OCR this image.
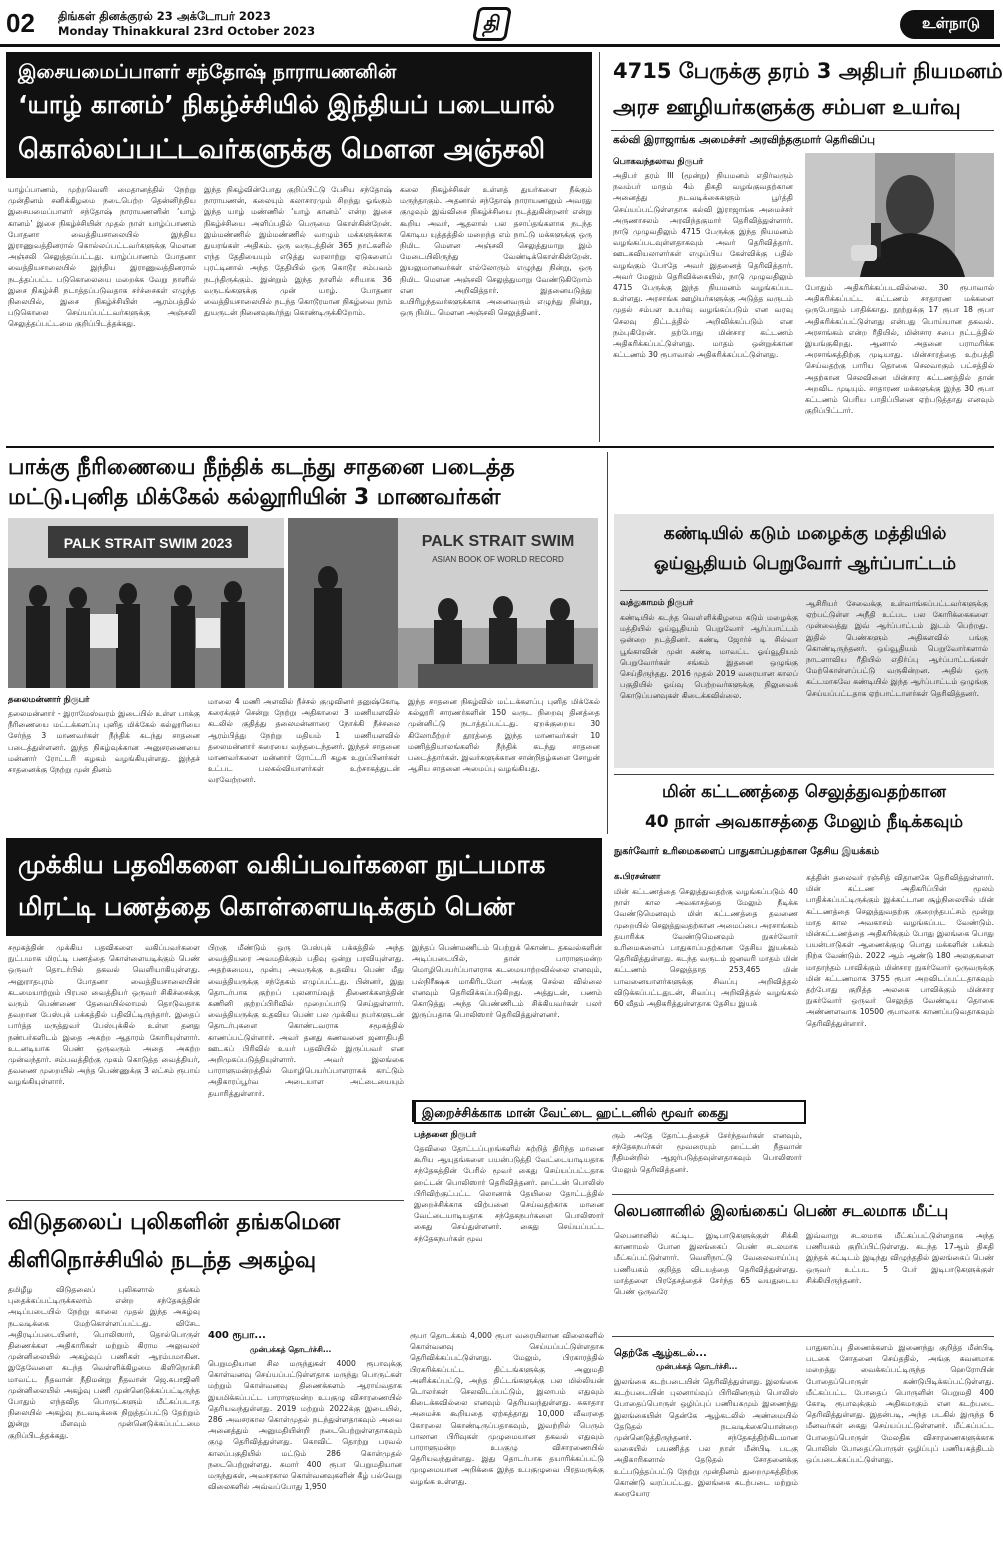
02 திங்கள் தினக்குரல் 23 அக்டோபர் 2023
Monday Thinakkural 23rd October 2023	தி	உள்நாடு
இசையமைப்பாளர் சந்தோஷ் நாராயணனின்
‘யாழ் கானம்’ நிகழ்ச்சியில் இந்தியப் படையால்
கொல்லப்பட்டவர்களுக்கு மௌன அஞ்சலி
யாழ்ப்பாணம், முற்றவெளி மைதானத்தில் நேற்று முன்தினம் சனிக்கிழமை நடைபெற்ற தென்னிந்திய இசையமைப்பாளர் சந்தோஷ் நாராயணனின் ‘யாழ் கானம்’ இசை நிகழ்ச்சியின் முதல் நாள் யாழ்ப்பாணம் போதனா வைத்தியசாலையில் இந்திய இராணுவத்தினரால் கொல்லப்பட்டவர்களுக்கு மௌன அஞ்சலி செலுத்தப்பட்டது. யாழ்ப்பாணம் போதனா வைத்தியசாலையில் இந்திய இராணுவத்தினரால் நடத்தப்பட்ட படுகொலையை மறைக்க வேறு நாளில் இசை நிகழ்ச்சி நடாத்தப்படுவதாக சர்ச்சைகள் எழுந்த நிலையில், இசை நிகழ்ச்சியின் ஆரம்பத்தில் படுகொலை செய்யப்பட்டவர்களுக்கு அஞ்சலி செலுத்தப்பட்டமை குறிப்பிடத்தக்கது.
இந்த நிகழ்வின்போது குறிப்பிட்டு பேசிய சந்தோஷ் நாராயணன், கலையும் கலாசாரமும் சிறந்து ஓங்கும் இந்த யாழ் மண்ணில் ‘யாழ் கானம்’ என்ற இசை நிகழ்ச்சியை அளிப்பதில் பெருமை கொள்கின்றேன். இம்மண்ணில் இம்மண்ணில் வாழும் மக்களுக்காக துயரங்கள் அதிகம். ஒரு வருடத்தின் 365 நாட்களில் எந்த தேதியையும் எடுத்து வரலாற்று ஏடுகளைப் புரட்டினால் அந்த தேதியில் ஒரு கொடூர சம்பவம் நடந்திருக்கும். இன்றும் இந்த நாளில் சரியாக 36 வருடங்களுக்கு முன் யாழ். போதனா வைத்தியசாலையில் நடந்த கொடூரமான நிகழ்வை நாம் துயருடன் நினைவுகூர்ந்து கொண்டிருக்கிறோம்.
கலை நிகழ்ச்சிகள் உள்ளத் துயர்களை நீக்கும் மருந்தாகும். அதனால் சந்தோஷ் நாராயணனும் அவரது குழுவும் இவ்விசை நிகழ்ச்சியை நடத்துகின்றனர் என்று கூறிய அவர், ஆதலால் பல தசாப்தங்களாக நடந்த கொடிய யுத்தத்தில் மறைந்த எம் நாட்டு மக்களுக்கு ஒரு நிமிட மௌன அஞ்சலி செலுத்துமாறு இம் மேடையிலிருந்து வேண்டிக்கொள்கின்றேன். இயலுமானவர்கள் எல்லோரும் எழுந்து நின்று, ஒரு நிமிட மௌன அஞ்சலி செலுத்துமாறு வேண்டுகிறோம் என அறிவித்தார். இதனையடுத்து உயிரிழந்தவர்களுக்காக அனைவரும் எழுந்து நின்று, ஒரு நிமிட மௌன அஞ்சலி செலுத்தினர்.
4715 பேருக்கு தரம் 3 அதிபர் நியமனம்
அரச ஊழியர்களுக்கு சம்பள உயர்வு
கல்வி இராஜாங்க அமைச்சர் அரவிந்தகுமார் தெரிவிப்பு
பொகவந்தலாவ நிருபர்
அதிபர் தரம் III (மூன்று) நியமனம் எதிர்வரும் நவம்பர் மாதம் 4ம் திகதி வழங்குவதற்கான அனைத்து நடவடிக்கைகளும் பூர்த்தி செய்யப்பட்டுள்ளதாக கல்வி இராஜாங்க அமைச்சர் அருணாசலம் அரவிந்தகுமார் தெரிவித்துள்ளார். நாடு முழுவதிலும் 4715 பேருக்கு இந்த நியமனம் வழங்கப்படவுள்ளதாகவும் அவர் தெரிவித்தார். ஊடகவியலாளர்கள் எழுப்பிய கேள்விக்கு பதில் வழங்கும் போதே அவர் இதனைத் தெரிவித்தார். அவர் மேலும் தெரிவிக்கையில், நாடு முழுவதிலும் 4715 பேருக்கு இந்த நியமனம் வழங்கப்பட உள்ளது. அரசாங்க ஊழியர்களுக்கு அடுத்த வருடம் முதல் சம்பள உயர்வு வழங்கப்படும் என வரவு செலவு திட்டத்தில் அறிவிக்கப்படும் என நம்புகிறேன். தற்போது மின்சார கட்டணம் அதிகரிக்கப்பட்டுள்ளது. மாதம் ஒன்றுக்கான கட்டணம் 30 ரூபாவால் அதிகரிக்கப்பட்டுள்ளது.
போதும் அதிகரிக்கப்படவில்லை. 30 ரூபாவால் அதிகரிக்கப்பட்ட கட்டணம் சாதாரண மக்களை ஒருபோதும் பாதிக்காது. நூற்றுக்கு 17 ரூபா 18 ரூபா அதிகரிக்கப்பட்டுள்ளது என்பது பொய்யான தகவல். அரசாங்கம் என்ற ரீதியில், மின்சார சபை நட்டத்தில் இயங்குகிறது. ஆனால் அதனை பராமரிக்க அரசாங்கத்திற்கு முடியாது. மின்சாரத்தை உற்பத்தி செய்வதற்கு பாரிய தொகை செலவாகும் பட்சத்தில் அதற்கான செலவினை மின்சார கட்டணத்தில் தான் அறவிட முடியும். சாதாரண மக்களுக்கு இந்த 30 ரூபா கட்டணம் பெரிய பாதிப்பினை ஏற்படுத்தாது எனவும் குறிப்பிட்டார்.
பாக்கு நீரிணையை நீந்திக் கடந்து சாதனை படைத்த
மட்டு.புனித மிக்கேல் கல்லூரியின் 3 மாணவர்கள்
PALK STRAIT SWIM 2023	PALK STRAIT SWIM
ASIAN BOOK OF WORLD RECORD
தலைமன்னார் நிருபர்
தலைமன்னார் - இராமேஸ்வரம் இடையில் உள்ள பாக்கு நீரிணையை மட்டக்களப்பு புனித மிக்கேல் கல்லூரியை சேர்ந்த 3 மாணவர்கள் நீந்திக் கடந்து சாதனை படைத்துள்ளனர். இந்த நிகழ்வுக்கான அனுசரணையை மன்னார் ரோட்டரி கழகம் வழங்கியுள்ளது. இந்தச் சாதனைக்கு நேற்று முன் தினம்
மாலை 4 மணி அளவில் நீச்சல் குழுவினர் தனுஷ்கோடி கரைக்குச் சென்று நேற்று அதிகாலை 3 மணியளவில் கடலில் குதித்து தலைமன்னாரை நோக்கி நீச்சலை ஆரம்பித்து நேற்று மதியம் 1 மணியளவில் தலைமன்னார் கரையை வந்தடைந்தனர். இந்தச் சாதனை மாணவர்களை மன்னார் ரோட்டரி கழக உறுப்பினர்கள் உட்பட பலகல்வியாளர்கள் உற்சாகத்துடன் வரவேற்றனர்.
இந்த சாதனை நிகழ்வில் மட்டக்களப்பு புனித மிக்கேல் கல்லூரி சாரணர்களின் 150 வருட நிறைவு தினத்தை முன்னிட்டு நடாத்தப்பட்டது. ஏறக்குறைய 30 கிலோமீற்றர் தூரத்தை இந்த மாணவர்கள் 10 மணித்தியாலங்களில் நீந்திக் கடந்து சாதனை படைத்தார்கள். இவர்களுக்கான சான்றிதழ்களை சோழன் ஆசிய சாதனை அமைப்பு வழங்கியது.
கண்டியில் கடும் மழைக்கு மத்தியில்
ஓய்வூதியம் பெறுவோர் ஆர்ப்பாட்டம்
வத்துகாமம் நிருபர்
கண்டியில் கடந்த வௌ்ளிக்கிழமை கடும் மழைக்கு மத்தியில் ஓய்வூதியம் பெறுவோர் ஆர்ப்பாட்டம் ஒன்றை நடத்தினர். கண்டி ஜோர்ச் டி சில்வா பூங்காவின் முன் கண்டி மாவட்ட ஓய்வூதியம் பெறுவோர்கள் சங்கம் இதனை ஒழுங்கு செய்திருந்தது. 2016 முதல் 2019 வரையான காலப் பகுதியில் ஓய்வு பெற்றவர்களுக்கு நிலுவைக் கொடுப்பனவுகள் கிடைக்கவில்லை.
ஆசிரியர் சேவைக்கு உள்வாங்கப்பட்டவர்களுக்கு ஏற்பட்டுள்ள அநீதி உட்பட பல கோரிக்கைகளை முன்வைத்து இவ் ஆர்ப்பாட்டம் இடம் பெற்றது. இதில் பெண்களும் அதிகளவில் பங்கு கொண்டிருந்தனர். ஒய்வூதியம் பெறுவோர்களால் நாடளாவிய ரீதியில் எதிர்ப்பு ஆர்ப்பாட்டங்கள் மேற்கொள்ளப்பட்டு வருகின்றன. அதில் ஒரு கட்டமாகவே கண்டியில் இந்த ஆர்ப்பாட்டம் ஒழுங்கு செய்யப்பட்டதாக ஏற்பாட்டாளர்கள் தெரிவித்தனர்.
மின் கட்டணத்தை செலுத்துவதற்கான
40 நாள் அவகாசத்தை மேலும் நீடிக்கவும்
நுகர்வோர் உரிமைகளைப் பாதுகாப்பதற்கான தேசிய இயக்கம்
க.பிரசன்னா
மின் கட்டணத்தை செலுத்துவதற்கு வழங்கப்படும் 40 நாள் கால அவகாசத்தை மேலும் நீடிக்க வேண்டுமெனவும் மின் கட்டணத்தை தவணை முறையில் செலுத்துவதற்கான அமைப்பை அரசாங்கம் தயாரிக்க வேண்டுமெனவும் நுகர்வோர் உரிமைகளைப் பாதுகாப்பதற்கான தேசிய இயக்கம் தெரிவித்துள்ளது. கடந்த வருடம் ஜனவரி மாதம் மின் கட்டணம் செலுத்தாத 253,465 மின் பாவனையாளர்களுக்கு சிவப்பு அறிவித்தல் விடுக்கப்பட்டதுடன், சிவப்பு அறிவித்தல் வழங்கல் 60 வீதம் அதிகரித்துள்ளதாக தேசிய இயக்
கத்தின் தலைவர் ரஞ்சித் விதானகே தெரிவித்துள்ளார். மின் கட்டண அதிகரிப்பின் மூலம் பாதிக்கப்பட்டிருக்கும் இக்கட்டான சூழ்நிலையில் மின் கட்டணத்தை செலுத்துவதற்கு குறைந்தபட்சம் மூன்று மாத கால அவகாசம் வழங்கப்பட வேண்டும். மின்கட்டணத்தை அதிகரிக்கும் போது இலங்கை பொது பயன்பாடுகள் ஆணைக்குழு பொது மக்களின் பக்கம் நிற்க வேண்டும். 2022 ஆம் ஆண்டு 180 அலகுகளை மாதாந்தம் பாவிக்கும் மின்சார நுகர்வோர் ஒருவருக்கு மின் கட்டணமாக 3755 ரூபா அறவிடப்பட்டதாகவும் தற்போது குறித்த அலகை பாவிக்கும் மின்சார நுகர்வோர் ஒருவர் செலுத்த வேண்டிய தொகை அண்ணளவாக 10500 ரூபாவாக காணப்படுவதாகவும் தெரிவித்துள்ளார்.
முக்கிய பதவிகளை வகிப்பவர்களை நுட்பமாக
மிரட்டி பணத்தை கொள்ளையடிக்கும் பெண்
சமூகத்தின் முக்கிய பதவிகளை வகிப்பவர்களை நுட்பமாக மிரட்டி பணத்தை கொள்ளையடிக்கும் பெண் ஒருவர் தொடர்பில் தகவல் வெளியாகியுள்ளது. அனுராதபுரம் போதனா வைத்தியசாலையின் கடமையாற்றும் பிரபல வைத்தியர் ஒருவர் சிகிச்சைக்கு வரும் பெண்ணை தேவையில்லாமல் தொடுவதாக தவறான பேஸ்புக் பக்கத்தில் பதிவிட்டிருந்தார். இதைப் பார்த்த மருத்துவர் பேஸ்புக்கில் உள்ள தனது நண்பர்களிடம் இதை அகற்ற ஆதாரம் கோரியுள்ளார். உடனடியாக பெண் ஒருவரும் அதை அகற்ற முன்வந்தார். சம்பவத்திற்கு முகம் கொடுத்த வைத்தியர், தவணை முறையில் அந்த பெண்ணுக்கு 3 லட்சம் ரூபாய் வழங்கியுள்ளார்.
பிறகு மீண்டும் ஒரு பேஸ்புக் பக்கத்தில் அந்த வைத்தியரை அவமதிக்கும் பதிவு ஒன்று பரவியுள்ளது. அதற்கமைய, முன்பு அவருக்கு உதவிய பெண் மீது வைத்தியருக்கு சந்தேகம் எழுப்பட்டது. பின்னர், இது தொடர்பாக குற்றப் புலனாய்வுத் திணைக்களத்தின் கணினி குற்றப்பிரிவில் முறைப்பாடு செய்துள்ளார். வைத்தியருக்கு உதவிய பெண் பல முக்கிய நபர்களுடன் தொடர்புகளை கொண்டவராக சமூகத்தில் காணப்பட்டுள்ளார். அவர் தனது கணவனை ஜனாதிபதி ஊடகப் பிரிவில் உயர் பதவியில் இருப்பவர் என அறிமுகப்படுத்தியுள்ளார். அவர் இலங்கை பாராளுமன்றத்தில் மொழிபெயர்ப்பாளராகக் காட்டும் அதிகாரப்பூர்வ அடையாள அட்டையையும் தயாரித்துள்ளார்.
இந்தப் பெண்மணிடம் பெற்றுக் கொண்ட தகவல்களின் அடிப்படையில், தான் பாராளுமன்ற மொழிபெயர்ப்பாளராக கடமையாற்றவில்லை எனவும், பல்நிரீக்ஷக மாகிரிடமோ அங்கு செல்ல வில்லை எனவும் தெரிவிக்கப்படுகிறது. அத்துடன், பணம் கொடுத்து அந்த பெண்ணிடம் சிக்கியவர்கள் பலர் இருப்பதாக பொலிஸார் தெரிவித்துள்ளனர்.
இறைச்சிக்காக மான் வேட்டை ஹட்டனில் மூவர் கைது
பத்தனை நிருபர்
தேவிலை தோட்டப்புறங்களில் சுற்றித் திரிந்த மானை கூரிய ஆயுதங்களை பயன்படுத்தி வேட்டையாடியதாக சந்தேகத்தின் பேரில் மூவர் கைது செய்யப்பட்டதாக ஹட்டன் பொலிஸார் தெரிவித்தனர். ஹட்டன் பொலிஸ் பிரிவிற்குட்பட்ட லொனாக் தேயிலை தோட்டத்தில் இறைச்சிக்காக விற்பனை செய்வதற்காக மானை வேட்டையாடியதாக சந்தேகநபர்களை பொலிஸார் கைது செய்துள்ளனர். கைது செய்யப்பட்ட சந்தேகநபர்கள் மூவ
ரும் அதே தோட்டத்தைச் சேர்ந்தவர்கள் எனவும், சந்தேகநபர்கள் மூவரையும் ஹட்டன் நீதவான் நீதிமன்றில் ஆஜர்படுத்தவுள்ளதாகவும் பொலிஸார் மேலும் தெரிவித்தனர்.
லெபனானில் இலங்கைப் பெண் சடலமாக மீட்பு
லெபனானில் கட்டிட இடிபாடுகளுக்குள் சிக்கி காணாமல் போன இலங்கைப் பெண் சடலமாக மீட்கப்பட்டுள்ளார். வெளிநாட்டு வேலைவாய்ப்பு பணியகம் குறித்த விடயத்தை தெரிவித்துள்ளது. மாத்தளை பிரதேசத்தைச் சேர்ந்த 65 வயதுடைய பெண் ஒருவரே
இவ்வாறு சடலமாக மீட்கப்பட்டுள்ளதாக அந்த பணியகம் குறிப்பிட்டுள்ளது. கடந்த 17ஆம் திகதி இந்தக் கட்டிடம் இடிந்து விழுந்ததில் இலங்கைப் பெண் ஒருவர் உட்பட 5 பேர் இடிபாடுகளுக்குள் சிக்கியிருந்தனர்.
விடுதலைப் புலிகளின் தங்கமென
கிளிநொச்சியில் நடந்த அகழ்வு
தமிழீழ விடுதலைப் புலிகளால் தங்கம் புதைக்கப்பட்டிருக்கலாம் என்ற சந்தேகத்தின் அடிப்படையில் நேற்று காலை முதல் இந்த அகழ்வு நடவடிக்கை மேற்கொள்ளப்பட்டது. விசேட அதிரடிப்படையினர், பொலிஸார், தொல்பொருள் திணைக்கள அதிகாரிகள் மற்றும் கிராம அலுவலர் முன்னிலையில் அகழ்வுப் பணிகள் ஆரம்பமாகின. இதேவேளை கடந்த வெள்ளிக்கிழமை கிளிநொச்சி மாவட்ட நீதவான் நீதிமன்று நீதவான் ஜெ.சுபாஜினி முன்னிலையில் அகழ்வு பணி முன்னெடுக்கப்பட்டிருந்த போதும் எந்தவித பொருட்களும் மீட்கப்படாத நிலையில் அகழ்வு நடவடிக்கை நிறுத்தப்பட்டு தேற்றும் இன்று மீளவும் முன்னெடுக்கப்பட்டமை குறிப்பிடத்தக்கது.
400 ரூபா...
முன்பக்கத் தொடர்ச்சி...
பெறுமதியான சில மருந்துகள் 4000 ரூபாவுக்கு கொள்வனவு செய்யப்பட்டுள்ளதாக மருந்து பொருட்கள் மற்றும் கொள்வனவு திணைக்களம் ஆராய்வதாக இயமிக்கப்பட்ட பாராளுமன்ற உபகுழு விசாரணையில் தெரியவந்துள்ளது. 2019 மற்றும் 2022க்கு இடையில், 286 அவசரகால கொள்முதல் நடந்துள்ளதாகவும் அவை அனைத்தும் அனுமதியின்றி நடைபெற்றுள்ளதாகவும் குழு தெரிவித்துள்ளது. கொவிட் தொற்று பரவல் காலப்பகுதியில் மட்டும் 286 கொள்முதல் நடைபெற்றுள்ளது. சுமார் 400 ரூபா பெறுமதியான மருந்துகள், அவசரகால கொள்வனவுகளின் கீழ் பல்வேறு விலைகளில் அவ்வப்போது 1,950
ரூபா தொடக்கம் 4,000 ரூபா வரையிலான விலைகளில் கொள்வனவு செய்யப்பட்டுள்ளதாக தெரிவிக்கப்பட்டுள்ளது. மேலும், பிரகாரத்தில் பிரசுரிக்கப்பட்ட திட்டங்களுக்கு அனுமதி அளிக்கப்பட்டு, அந்த திட்டங்களுக்கு பல மில்லியன் டொலர்கள் செலவிடப்பட்டும், இலாபம் எதுவும் கிடைக்கவில்லை எனவும் தெரியவந்துள்ளது. சுகாதார அமைச்சு கூறியதை ஏற்கத்தாது 10,000 வீவரதை கோரலை கொண்டிருப்பதாகவும், இவற்றில் பெரும் பாலான பிரிவுகள் முழுமையான தகவல் எதுவும் பாராளுமன்ற உபகுழு விசாரணையில் தெரியவந்துள்ளது. இது தொடர்பாக தயாரிக்கப்பட்டு முழுமையான அறிக்கை இந்த உபகுழுவை பிரதமருக்கு வழங்க உள்ளது.
தெற்கே ஆழ்கடல்...
முன்பக்கத் தொடர்ச்சி...
இலங்கை கடற்படையின் தெரிவித்துள்ளது. இலங்கை கடற்படையின் புலனாய்வுப் பிரிவினரும் பொலிஸ் போதைப்பொருள் ஒழிப்புப் பணியகமும் இணைந்து இலங்கையின் தென்கே ஆழ்கடலில் அண்மையில் தேடுதல் நடவடிக்கையொன்றை முன்னெடுத்திருந்தனர். சந்தேகத்திற்கிடமான வகையில் பயணித்த பல நாள் மீன்பிடி படகு அதிகாரிகளால் தேடுதல் சோதனைக்கு உட்படுத்தப்பட்டு நேற்று முன்தினம் துறைமுகத்திற்கு கொண்டு வரப்பட்டது. இலங்கை கடற்படை மற்றும் கரையோர
பாதுகாப்பு திணைக்களம் இணைந்து குறித்த மீன்பிடி படகை சோதனை செய்ததில், அங்கு கவனமாக மறைத்து வைக்கப்பட்டிருந்த ஹெரோயின் போதைப்பொருள் கண்டுபிடிக்கப்பட்டுள்ளது. மீட்கப்பட்ட போதைப் பொருளின் பெறுமதி 400 கோடி ரூபாவுக்கும் அதிகமாகும் என கடற்படை தெரிவித்துள்ளது. இதன்படி, அந்த படகில் இருந்த 6 மீனவர்கள் கைது செய்யப்பட்டுள்ளனர். மீட்கப்பட்ட போதைப்பொருள் மேலதிக விசாரணைகளுக்காக பொலிஸ் போதைப்பொருள் ஒழிப்புப் பணியகத்திடம் ஒப்படைக்கப்பட்டுள்ளது.
